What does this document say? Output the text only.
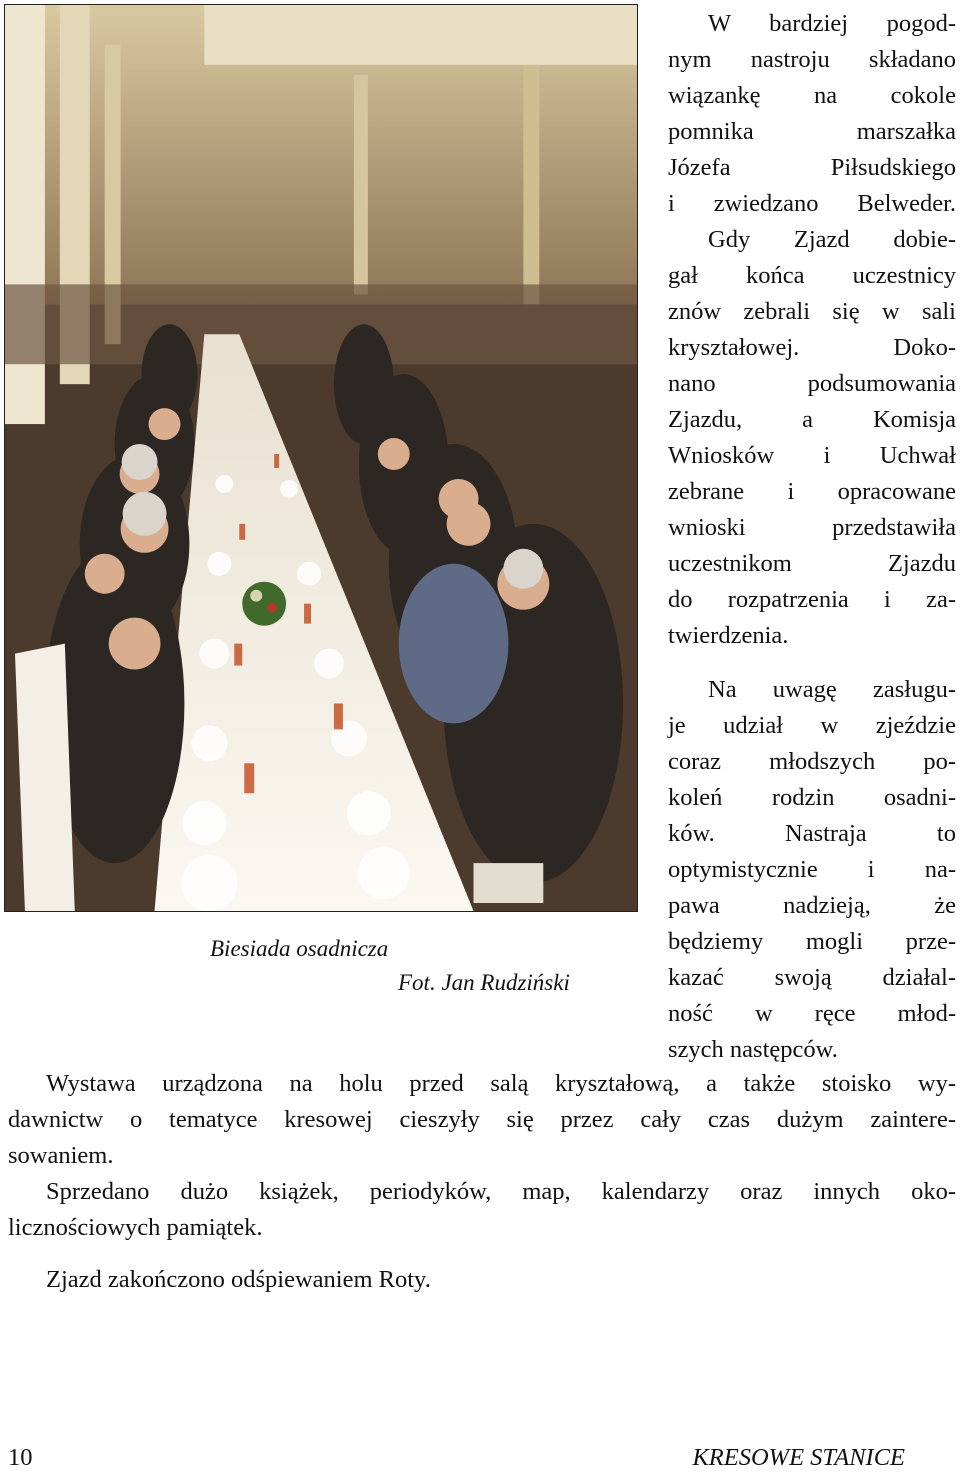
Biesiada osadnicza
Fot. Jan Rudziński
W bardziej pogod-
nym nastroju składano
wiązankę na cokole
pomnika marszałka
Józefa Piłsudskiego
i zwiedzano Belweder.
Gdy Zjazd dobie-
gał końca uczestnicy
znów zebrali się w sali
kryształowej. Doko-
nano podsumowania
Zjazdu, a Komisja
Wniosków i Uchwał
zebrane i opracowane
wnioski przedstawiła
uczestnikom Zjazdu
do rozpatrzenia i za-
twierdzenia.
Na uwagę zasługu-
je udział w zjeździe
coraz młodszych po-
koleń rodzin osadni-
ków. Nastraja to
optymistycznie i na-
pawa nadzieją, że
będziemy mogli prze-
kazać swoją działal-
ność w ręce młod-
szych następców.
Wystawa urządzona na holu przed salą kryształową, a także stoisko wy-
dawnictw o tematyce kresowej cieszyły się przez cały czas dużym zaintere-
sowaniem.
Sprzedano dużo książek, periodyków, map, kalendarzy oraz innych oko-
licznościowych pamiątek.
Zjazd zakończono odśpiewaniem Roty.
10	KRESOWE STANICE
